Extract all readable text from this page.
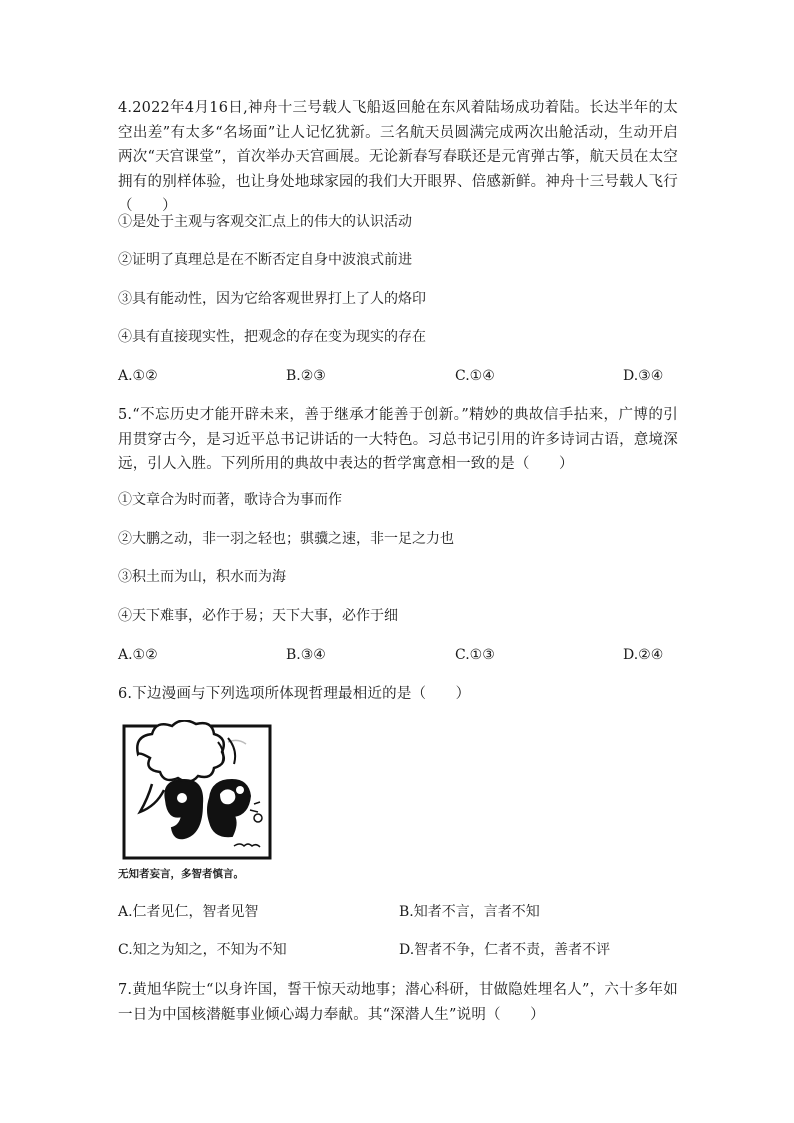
4.2022年4月16日,神舟十三号载人飞船返回舱在东风着陆场成功着陆。长达半年的太空出差”有太多“名场面”让人记忆犹新。三名航天员圆满完成两次出舱活动，生动开启两次“天宫课堂”，首次举办天宫画展。无论新春写春联还是元宵弹古筝，航天员在太空拥有的别样体验，也让身处地球家园的我们大开眼界、倍感新鲜。神舟十三号载人飞行（　　）

①是处于主观与客观交汇点上的伟大的认识活动

②证明了真理总是在不断否定自身中波浪式前进

③具有能动性，因为它给客观世界打上了人的烙印

④具有直接现实性，把观念的存在变为现实的存在

A.①②	B.②③	C.①④	D.③④

5.“不忘历史才能开辟未来，善于继承才能善于创新。”精妙的典故信手拈来，广博的引用贯穿古今，是习近平总书记讲话的一大特色。习总书记引用的许多诗词古语，意境深远，引人入胜。下列所用的典故中表达的哲学寓意相一致的是（　　）

①文章合为时而著，歌诗合为事而作

②大鹏之动，非一羽之轻也；骐骥之速，非一足之力也

③积土而为山，积水而为海

④天下难事，必作于易；天下大事，必作于细

A.①②	B.③④	C.①③	D.②④

6.下边漫画与下列选项所体现哲理最相近的是（　　）

无知者妄言，多智者慎言。
A.仁者见仁，智者见智	B.知者不言，言者不知
C.知之为知之，不知为不知	D.智者不争，仁者不责，善者不评

7.黄旭华院士“以身许国，誓干惊天动地事；潜心科研，甘做隐姓埋名人”，六十多年如一日为中国核潜艇事业倾心竭力奉献。其“深潜人生”说明（　　）
